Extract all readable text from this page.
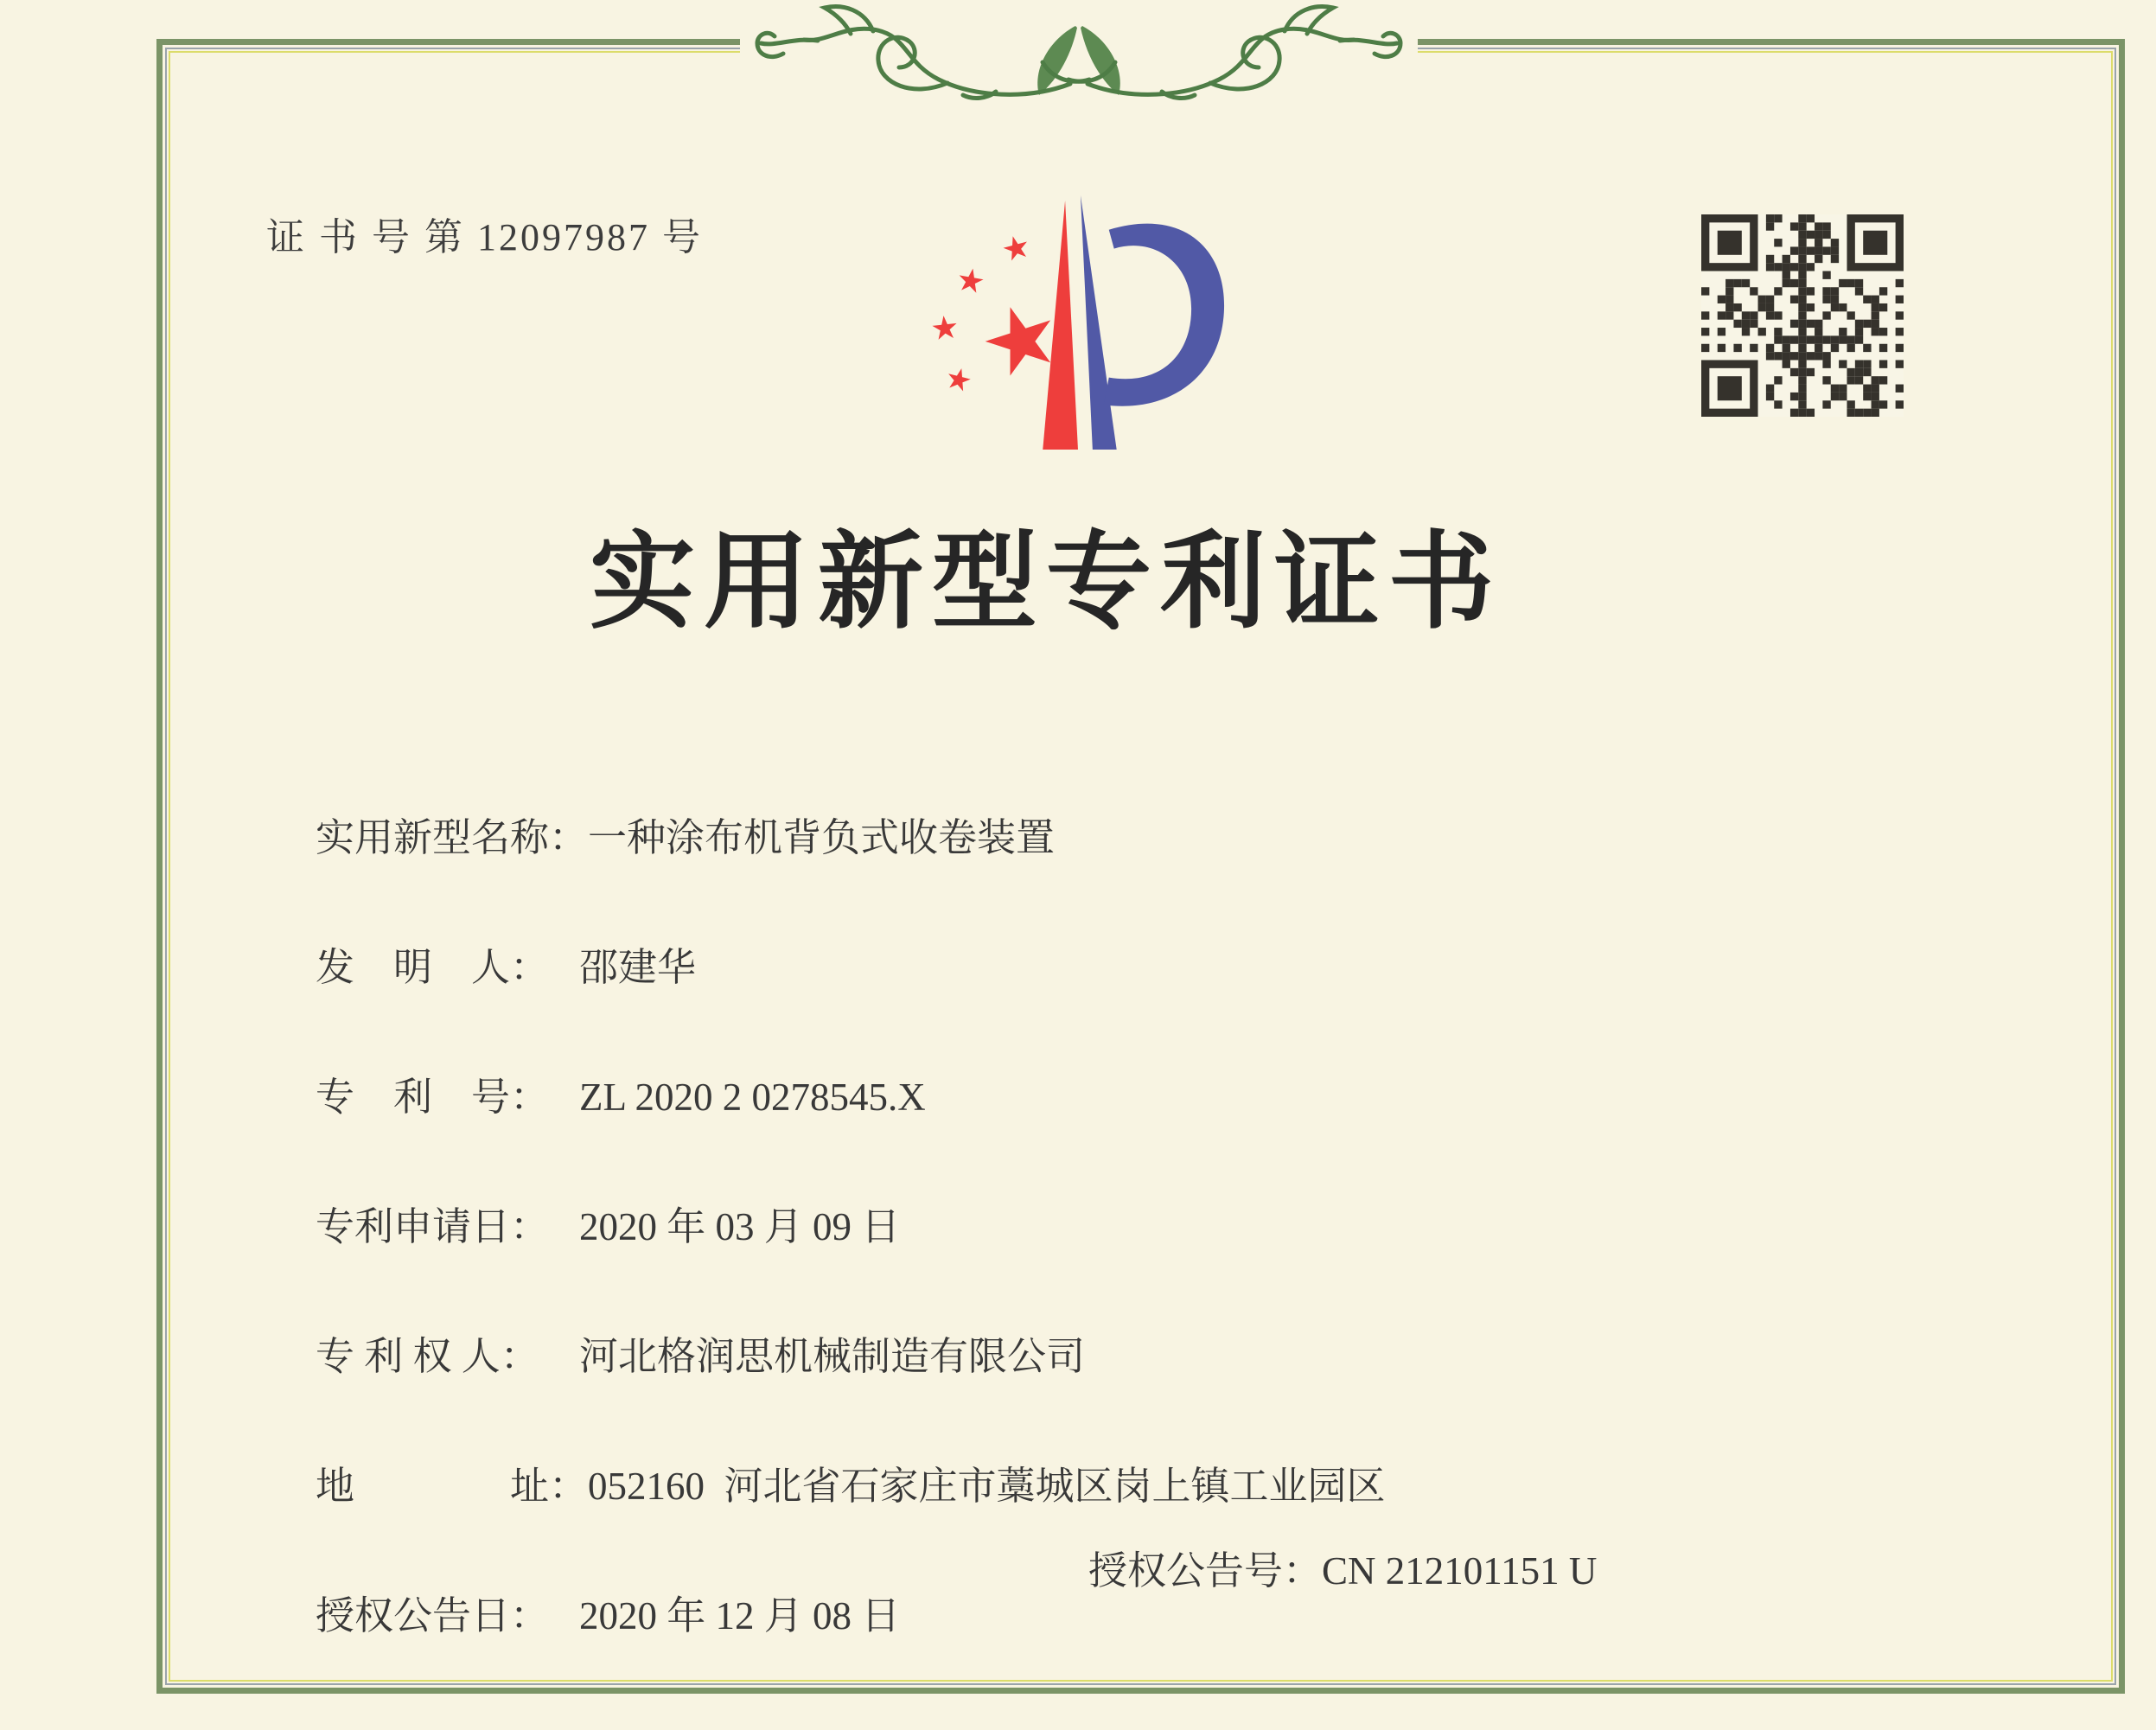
证 书 号 第 12097987 号
实用新型专利证书

实用新型名称：一种涂布机背负式收卷装置

发　明　人： 邵建华

专　利　号： ZL 2020 2 0278545.X

专利申请日： 2020 年 03 月 09 日

专 利 权 人： 河北格润思机械制造有限公司

地　　　　址：052160  河北省石家庄市藁城区岗上镇工业园区

授权公告日： 2020 年 12 月 08 日

授权公告号：CN 212101151 U
